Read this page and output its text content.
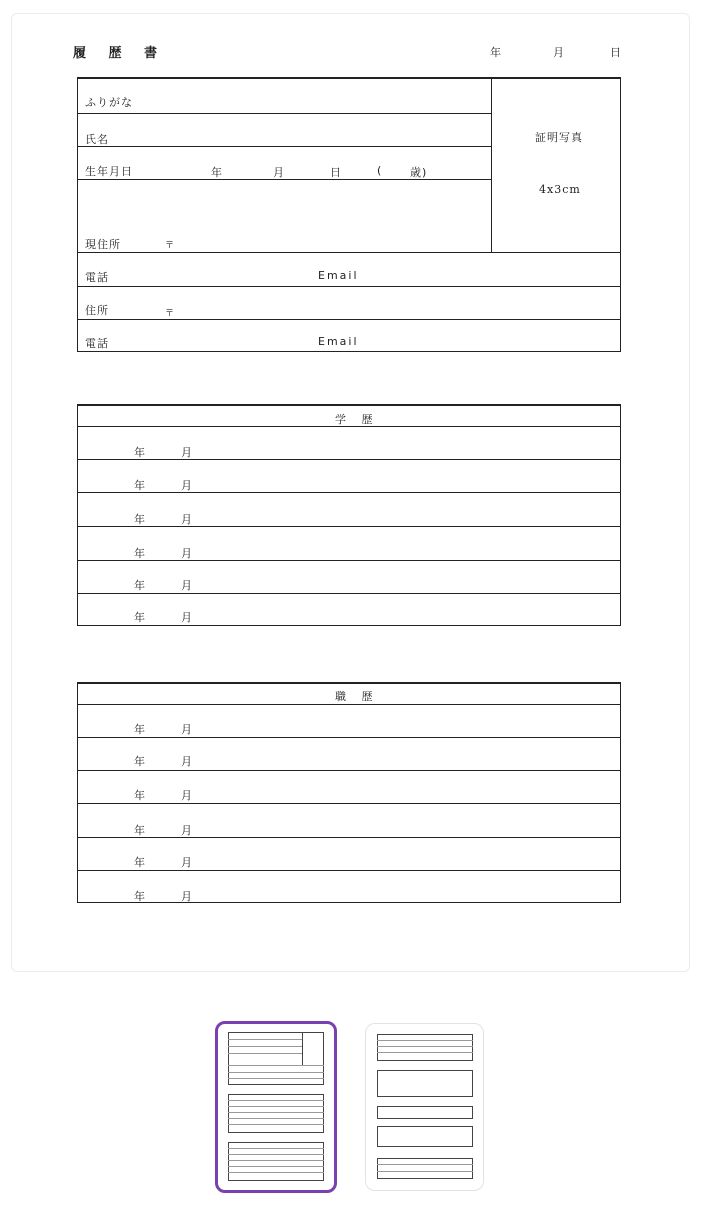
履 歴 書	年	月	日
ふりがな
氏名
生年月日	年	月	日	(	歳)
現住所	〒
電話	Email
住所	〒
電話	Email
証明写真
4x3cm
学 歴
年	月
年	月
年	月
年	月
年	月
年	月
職 歴
年	月
年	月
年	月
年	月
年	月
年	月
